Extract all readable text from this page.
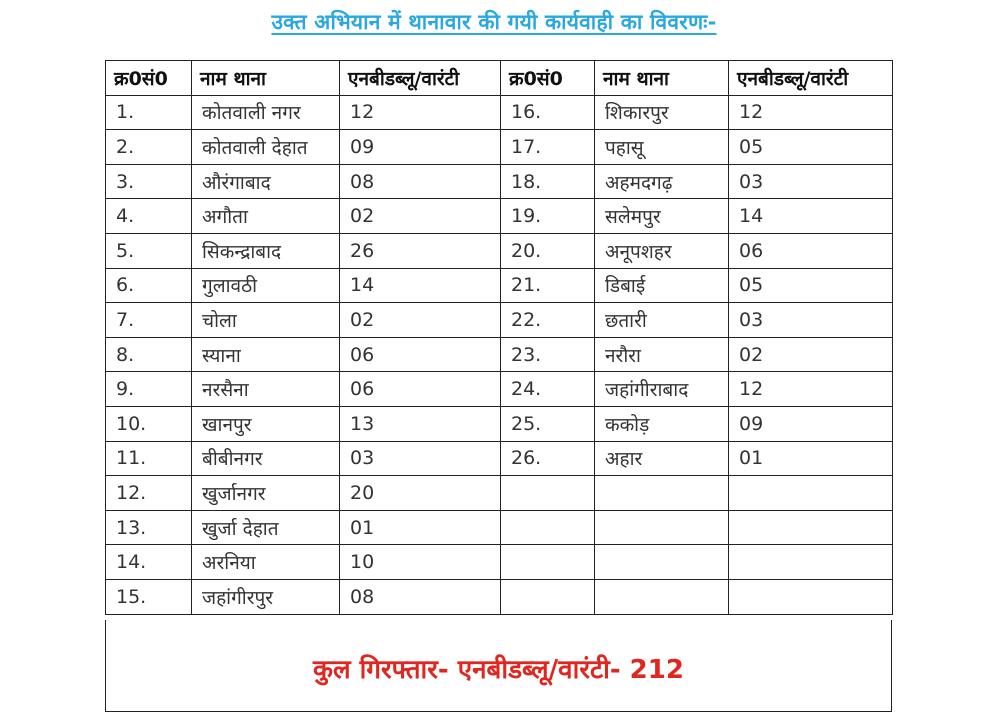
उक्त अभियान में थानावार की गयी कार्यवाही का विवरणः-
क्र0सं0	नाम थाना	एनबीडब्लू/वारंटी	क्र0सं0	नाम थाना	एनबीडब्लू/वारंटी
1.	कोतवाली नगर	12	16.	शिकारपुर	12
2.	कोतवाली देहात	09	17.	पहासू	05
3.	औरंगाबाद	08	18.	अहमदगढ़	03
4.	अगौता	02	19.	सलेमपुर	14
5.	सिकन्द्राबाद	26	20.	अनूपशहर	06
6.	गुलावठी	14	21.	डिबाई	05
7.	चोला	02	22.	छतारी	03
8.	स्याना	06	23.	नरौरा	02
9.	नरसैना	06	24.	जहांगीराबाद	12
10.	खानपुर	13	25.	ककोड़	09
11.	बीबीनगर	03	26.	अहार	01
12.	खुर्जानगर	20			
13.	खुर्जा देहात	01			
14.	अरनिया	10			
15.	जहांगीरपुर	08			
कुल गिरफ्तार- एनबीडब्लू/वारंटी- 212
